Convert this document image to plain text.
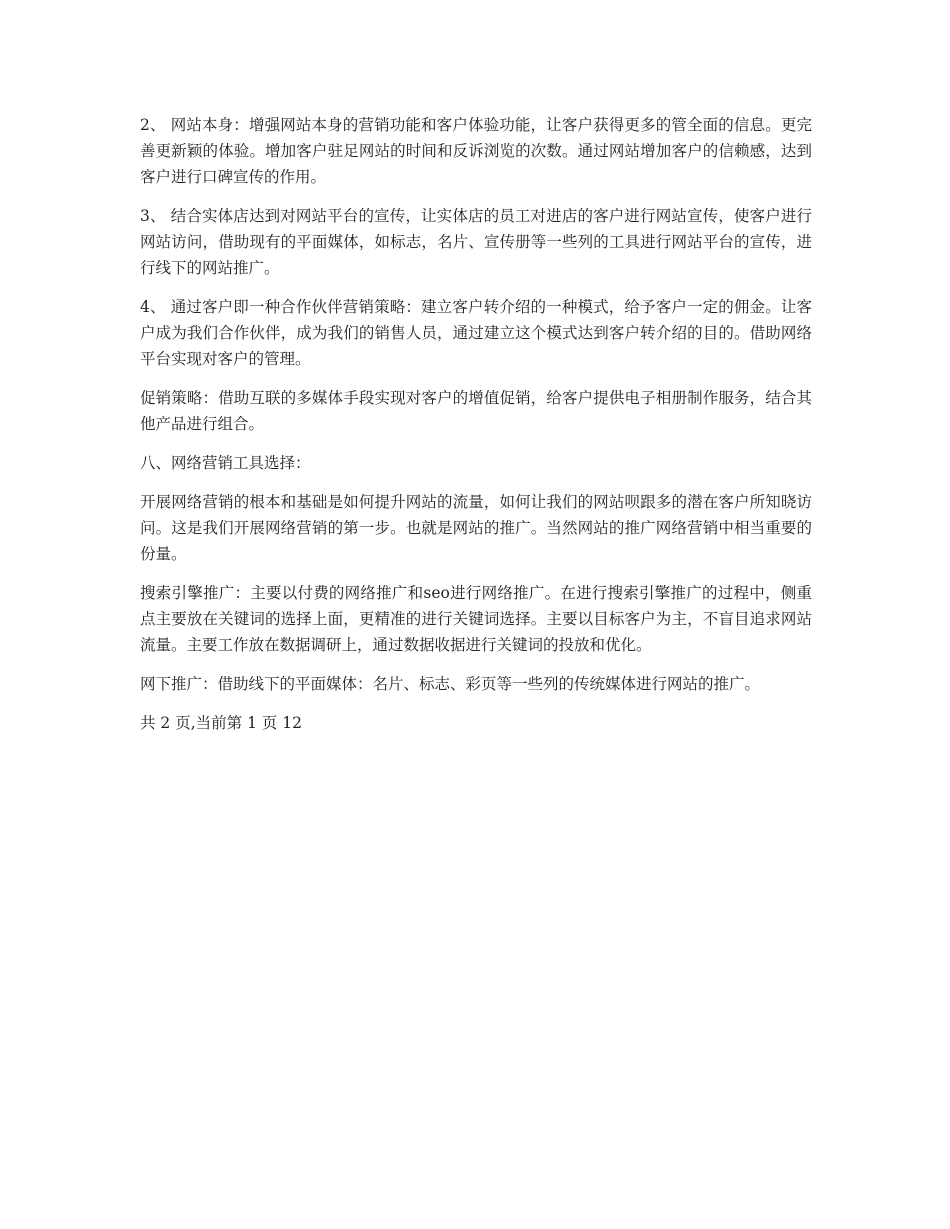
2、 网站本身：增强网站本身的营销功能和客户体验功能，让客户获得更多的管全面的信息。更完善更新颖的体验。增加客户驻足网站的时间和反诉浏览的次数。通过网站增加客户的信赖感，达到客户进行口碑宣传的作用。

3、 结合实体店达到对网站平台的宣传，让实体店的员工对进店的客户进行网站宣传，使客户进行网站访问，借助现有的平面媒体，如标志，名片、宣传册等一些列的工具进行网站平台的宣传，进行线下的网站推广。

4、 通过客户即一种合作伙伴营销策略：建立客户转介绍的一种模式，给予客户一定的佣金。让客户成为我们合作伙伴，成为我们的销售人员，通过建立这个模式达到客户转介绍的目的。借助网络平台实现对客户的管理。

促销策略：借助互联的多媒体手段实现对客户的增值促销，给客户提供电子相册制作服务，结合其他产品进行组合。

八、网络营销工具选择：

开展网络营销的根本和基础是如何提升网站的流量，如何让我们的网站呗跟多的潜在客户所知晓访问。这是我们开展网络营销的第一步。也就是网站的推广。当然网站的推广网络营销中相当重要的份量。

搜索引擎推广：主要以付费的网络推广和seo进行网络推广。在进行搜索引擎推广的过程中，侧重点主要放在关键词的选择上面，更精准的进行关键词选择。主要以目标客户为主，不盲目追求网站流量。主要工作放在数据调研上，通过数据收据进行关键词的投放和优化。

网下推广：借助线下的平面媒体：名片、标志、彩页等一些列的传统媒体进行网站的推广。

共 2 页,当前第 1 页 12
